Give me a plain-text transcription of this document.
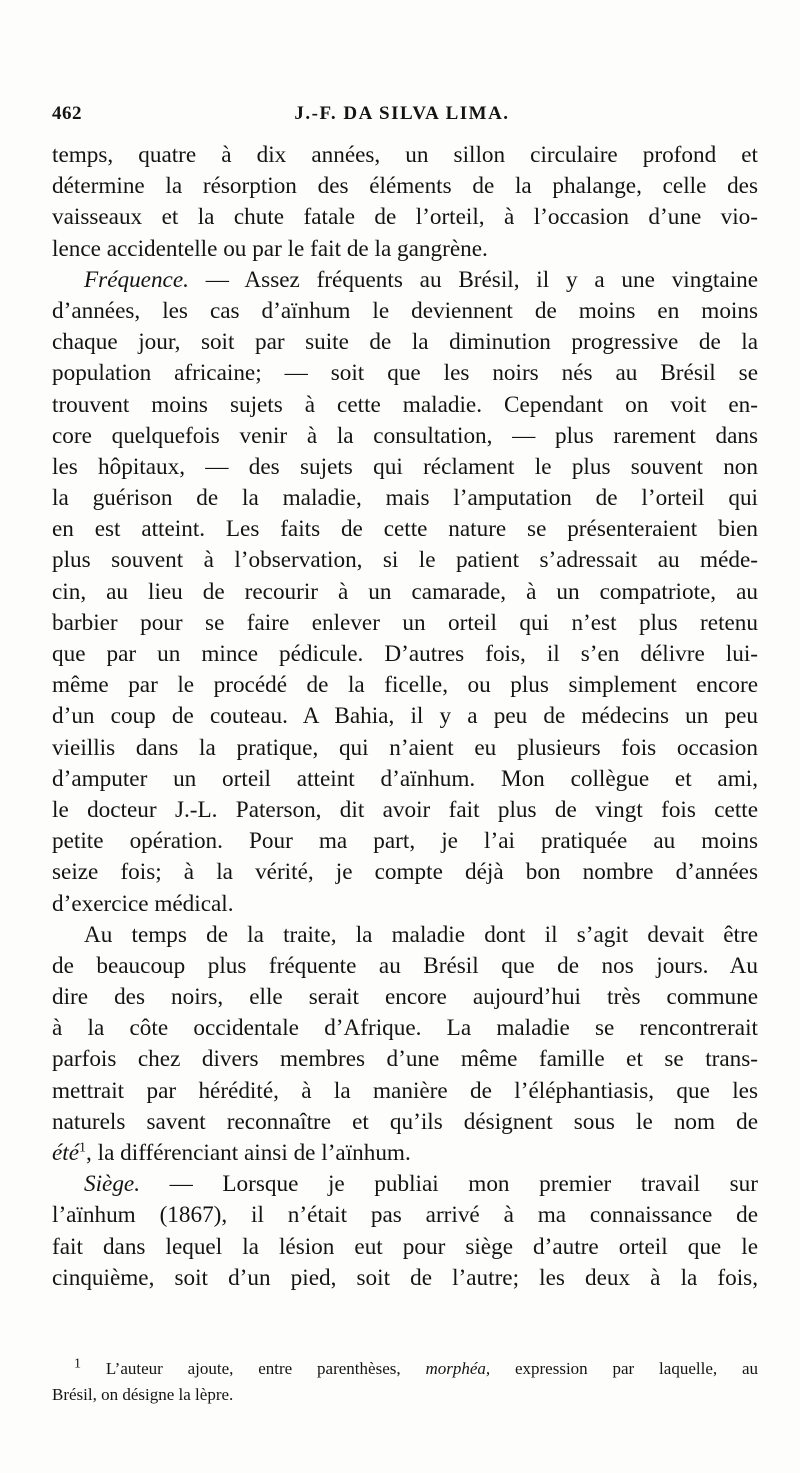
462	J.-F. DA SILVA LIMA.
temps, quatre à dix années, un sillon circulaire profond et
détermine la résorption des éléments de la phalange, celle des
vaisseaux et la chute fatale de l’orteil, à l’occasion d’une vio-
lence accidentelle ou par le fait de la gangrène.
Fréquence. — Assez fréquents au Brésil, il y a une vingtaine
d’années, les cas d’aïnhum le deviennent de moins en moins
chaque jour, soit par suite de la diminution progressive de la
population africaine; — soit que les noirs nés au Brésil se
trouvent moins sujets à cette maladie. Cependant on voit en-
core quelquefois venir à la consultation, — plus rarement dans
les hôpitaux, — des sujets qui réclament le plus souvent non
la guérison de la maladie, mais l’amputation de l’orteil qui
en est atteint. Les faits de cette nature se présenteraient bien
plus souvent à l’observation, si le patient s’adressait au méde-
cin, au lieu de recourir à un camarade, à un compatriote, au
barbier pour se faire enlever un orteil qui n’est plus retenu
que par un mince pédicule. D’autres fois, il s’en délivre lui-
même par le procédé de la ficelle, ou plus simplement encore
d’un coup de couteau. A Bahia, il y a peu de médecins un peu
vieillis dans la pratique, qui n’aient eu plusieurs fois occasion
d’amputer un orteil atteint d’aïnhum. Mon collègue et ami,
le docteur J.-L. Paterson, dit avoir fait plus de vingt fois cette
petite opération. Pour ma part, je l’ai pratiquée au moins
seize fois; à la vérité, je compte déjà bon nombre d’années
d’exercice médical.
Au temps de la traite, la maladie dont il s’agit devait être
de beaucoup plus fréquente au Brésil que de nos jours. Au
dire des noirs, elle serait encore aujourd’hui très commune
à la côte occidentale d’Afrique. La maladie se rencontrerait
parfois chez divers membres d’une même famille et se trans-
mettrait par hérédité, à la manière de l’éléphantiasis, que les
naturels savent reconnaître et qu’ils désignent sous le nom de
été$^1$, la différenciant ainsi de l’aïnhum.
Siège. — Lorsque je publiai mon premier travail sur
l’aïnhum (1867), il n’était pas arrivé à ma connaissance de
fait dans lequel la lésion eut pour siège d’autre orteil que le
cinquième, soit d’un pied, soit de l’autre; les deux à la fois,
$^1$ L’auteur ajoute, entre parenthèses, morphéa, expression par laquelle, au
Brésil, on désigne la lèpre.
